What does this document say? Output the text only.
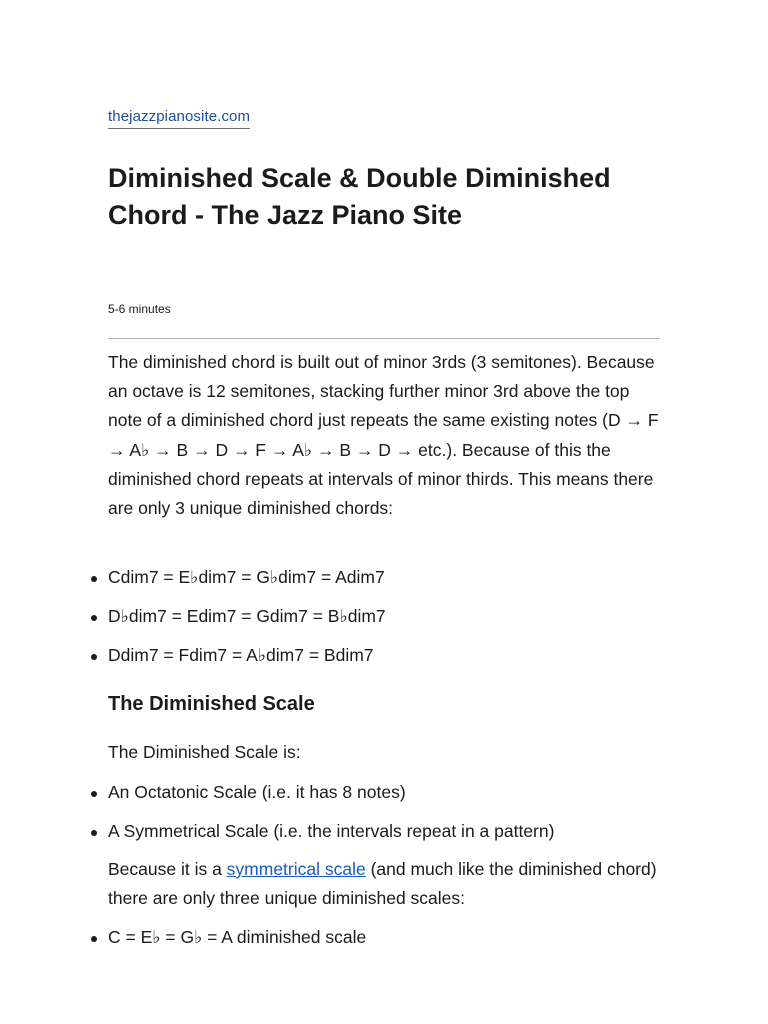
thejazzpianosite.com
Diminished Scale & Double Diminished Chord - The Jazz Piano Site
5-6 minutes

The diminished chord is built out of minor 3rds (3 semitones). Because an octave is 12 semitones, stacking further minor 3rd above the top note of a diminished chord just repeats the same existing notes (D → F → A♭ → B → D → F → A♭ → B → D → etc.). Because of this the diminished chord repeats at intervals of minor thirds. This means there are only 3 unique diminished chords:

Cdim7 = E♭dim7 = G♭dim7 = Adim7
D♭dim7 = Edim7 = Gdim7 = B♭dim7
Ddim7 = Fdim7 = A♭dim7 = Bdim7
The Diminished Scale

The Diminished Scale is:

An Octatonic Scale (i.e. it has 8 notes)
A Symmetrical Scale (i.e. the intervals repeat in a pattern)

Because it is a symmetrical scale (and much like the diminished chord) there are only three unique diminished scales:

C = E♭ = G♭ = A diminished scale
